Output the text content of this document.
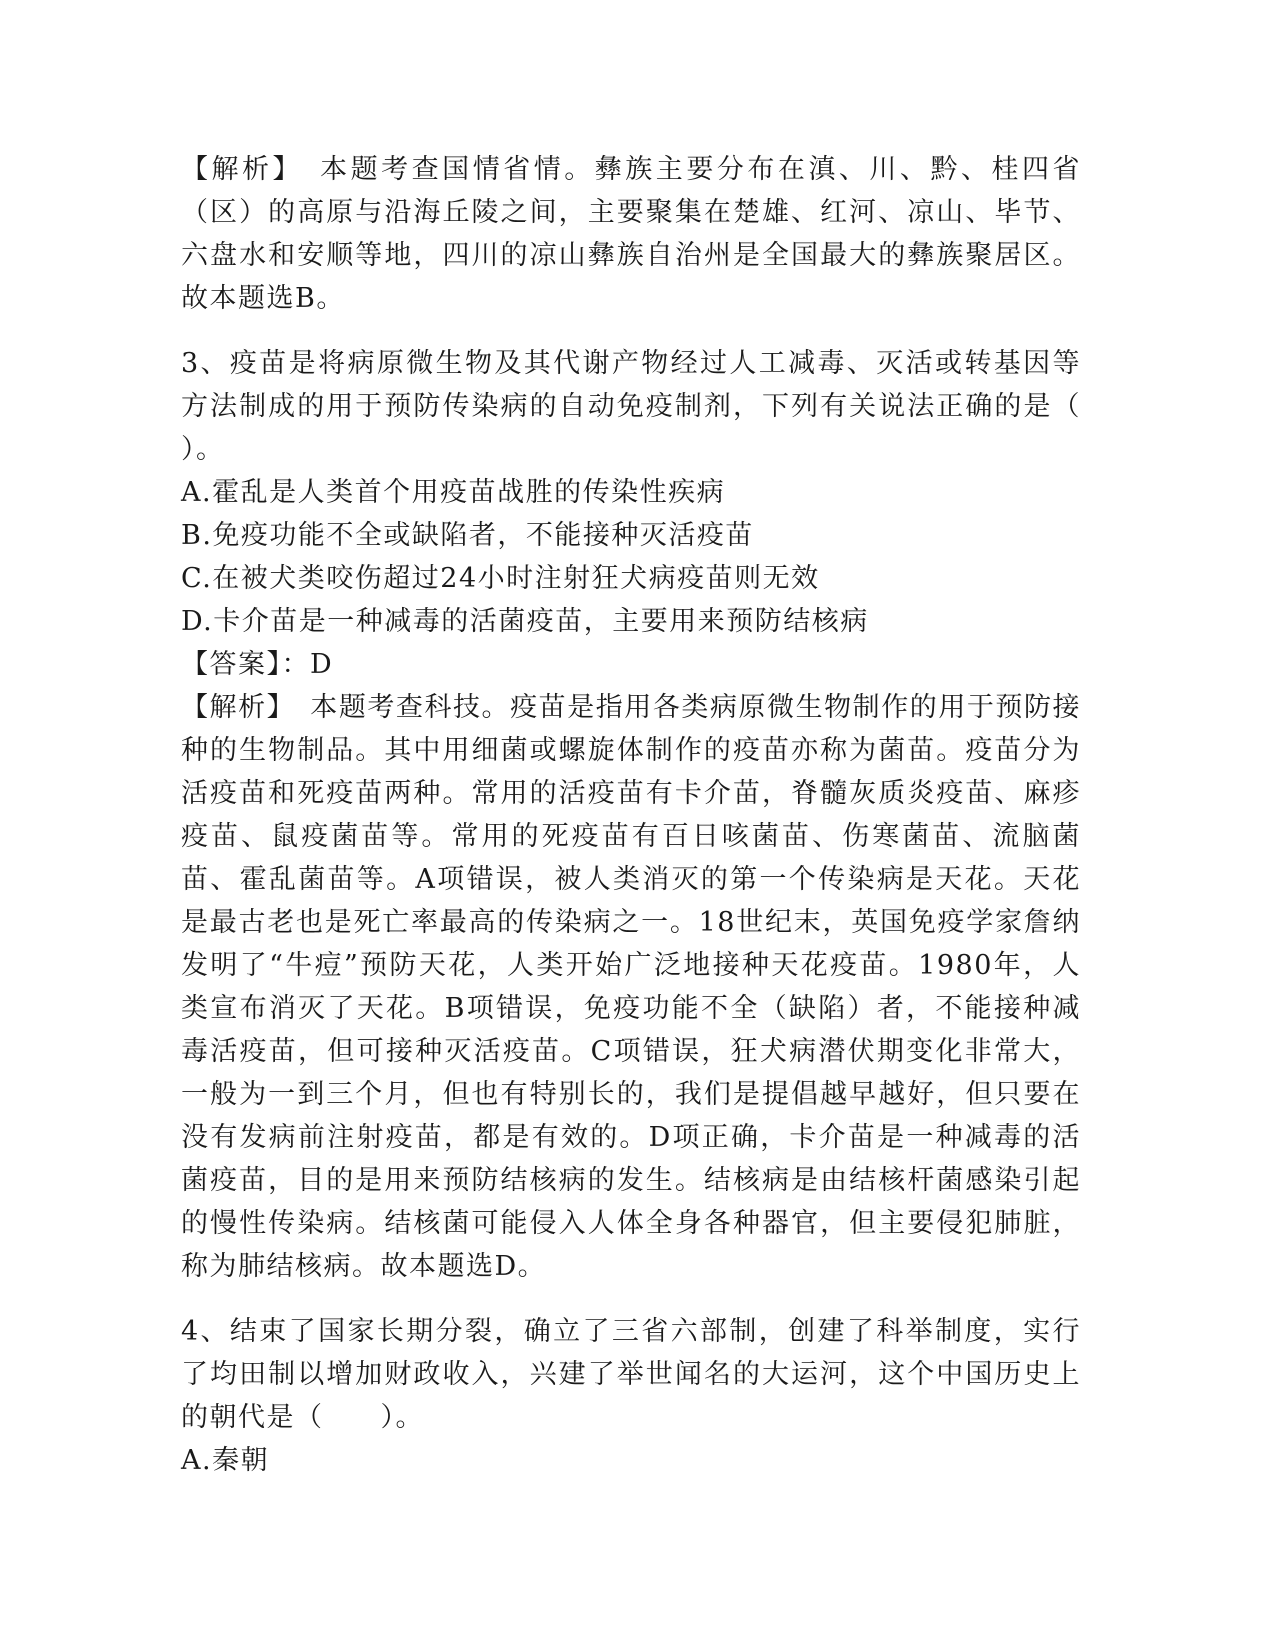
【解析】　 本题考查国情省情。彝族主要分布在滇、川、黔、桂四省（区）的高原与沿海丘陵之间，主要聚集在楚雄、红河、凉山、毕节、六盘水和安顺等地，四川的凉山彝族自治州是全国最大的彝族聚居区。故本题选B。

3、疫苗是将病原微生物及其代谢产物经过人工减毒、灭活或转基因等方法制成的用于预防传染病的自动免疫制剂，下列有关说法正确的是（　　）。

A.霍乱是人类首个用疫苗战胜的传染性疾病

B.免疫功能不全或缺陷者，不能接种灭活疫苗

C.在被犬类咬伤超过24小时注射狂犬病疫苗则无效

D.卡介苗是一种减毒的活菌疫苗，主要用来预防结核病

【答案】：D

【解析】　 本题考查科技。疫苗是指用各类病原微生物制作的用于预防接种的生物制品。其中用细菌或螺旋体制作的疫苗亦称为菌苗。疫苗分为活疫苗和死疫苗两种。常用的活疫苗有卡介苗，脊髓灰质炎疫苗、麻疹疫苗、鼠疫菌苗等。常用的死疫苗有百日咳菌苗、伤寒菌苗、流脑菌苗、霍乱菌苗等。A项错误，被人类消灭的第一个传染病是天花。天花是最古老也是死亡率最高的传染病之一。18世纪末，英国免疫学家詹纳发明了“牛痘”预防天花，人类开始广泛地接种天花疫苗。1980年，人类宣布消灭了天花。B项错误，免疫功能不全（缺陷）者，不能接种减毒活疫苗，但可接种灭活疫苗。C项错误，狂犬病潜伏期变化非常大，一般为一到三个月，但也有特别长的，我们是提倡越早越好，但只要在没有发病前注射疫苗，都是有效的。D项正确，卡介苗是一种减毒的活菌疫苗，目的是用来预防结核病的发生。结核病是由结核杆菌感染引起的慢性传染病。结核菌可能侵入人体全身各种器官，但主要侵犯肺脏，称为肺结核病。故本题选D。

4、结束了国家长期分裂，确立了三省六部制，创建了科举制度，实行了均田制以增加财政收入，兴建了举世闻名的大运河，这个中国历史上的朝代是（　　）。

A.秦朝
